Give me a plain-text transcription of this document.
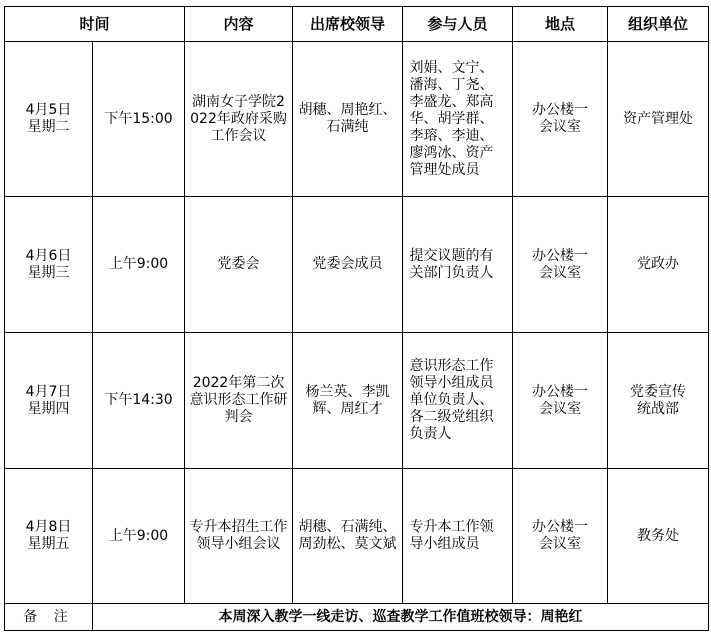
时间		内容	出席校领导	参与人员	地点	组织单位

4月5日
星期二	下午15:00	湖南女子学院2022年政府采购工作会议	胡穗、周艳红、石满纯	刘娟、文宁、潘海、丁尧、李盛龙、郑高华、胡学群、李瑢、李迪、廖鸿冰、资产管理处成员	办公楼一会议室	资产管理处

4月6日
星期三	上午9:00	党委会	党委会成员	提交议题的有关部门负责人	办公楼一会议室	党政办

4月7日
星期四	下午14:30	2022年第二次意识形态工作研判会	杨兰英、李凯辉、周红才	意识形态工作领导小组成员单位负责人、各二级党组织负责人	办公楼一会议室	党委宣传统战部

4月8日
星期五	上午9:00	专升本招生工作领导小组会议	胡穗、石满纯、周劲松、莫文斌	专升本工作领导小组成员	办公楼一会议室	教务处
备 注	本周深入教学一线走访、巡查教学工作值班校领导：周艳红					
